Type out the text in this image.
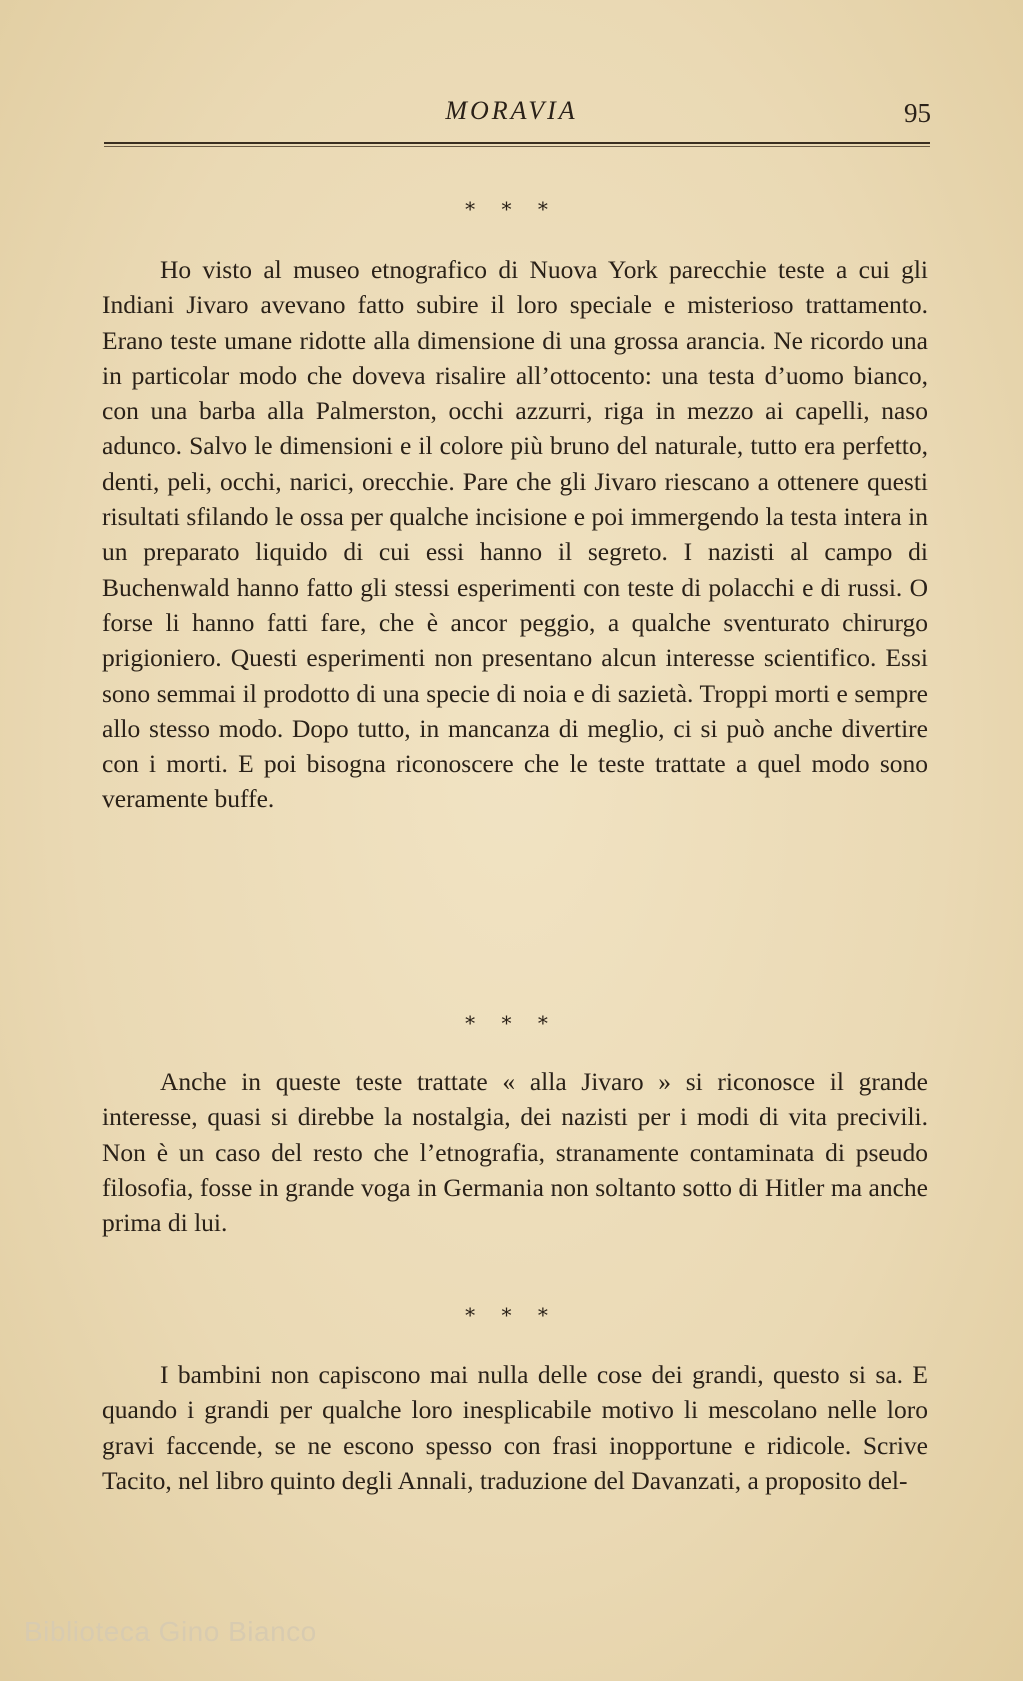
MORAVIA	95
* * *

Ho visto al museo etnografico di Nuova York parecchie teste a cui gli Indiani Jivaro avevano fatto subire il loro speciale e misterioso trattamento. Erano teste umane ridotte alla dimensione di una grossa arancia. Ne ricordo una in particolar modo che doveva risalire all’ottocento: una testa d’uomo bianco, con una barba alla Palmerston, occhi azzurri, riga in mezzo ai capelli, naso adunco. Salvo le dimensioni e il colore più bruno del naturale, tutto era perfetto, denti, peli, occhi, narici, orecchie. Pare che gli Jivaro riescano a ottenere questi risultati sfilando le ossa per qualche incisione e poi immergendo la testa intera in un preparato liquido di cui essi hanno il segreto. I nazisti al campo di Buchenwald hanno fatto gli stessi esperimenti con teste di polacchi e di russi. O forse li hanno fatti fare, che è ancor peggio, a qualche sventurato chirurgo prigioniero. Questi esperimenti non presentano alcun interesse scientifico. Essi sono semmai il prodotto di una specie di noia e di sazietà. Troppi morti e sempre allo stesso modo. Dopo tutto, in mancanza di meglio, ci si può anche divertire con i morti. E poi bisogna riconoscere che le teste trattate a quel modo sono veramente buffe.

* * *

Anche in queste teste trattate « alla Jivaro » si riconosce il grande interesse, quasi si direbbe la nostalgia, dei nazisti per i modi di vita precivili. Non è un caso del resto che l’etnografia, stranamente contaminata di pseudo filosofia, fosse in grande voga in Germania non soltanto sotto di Hitler ma anche prima di lui.

* * *

I bambini non capiscono mai nulla delle cose dei grandi, questo si sa. E quando i grandi per qualche loro inesplicabile motivo li mescolano nelle loro gravi faccende, se ne escono spesso con frasi inopportune e ridicole. Scrive Tacito, nel libro quinto degli Annali, traduzione del Davanzati, a proposito del-

Biblioteca Gino Bianco
